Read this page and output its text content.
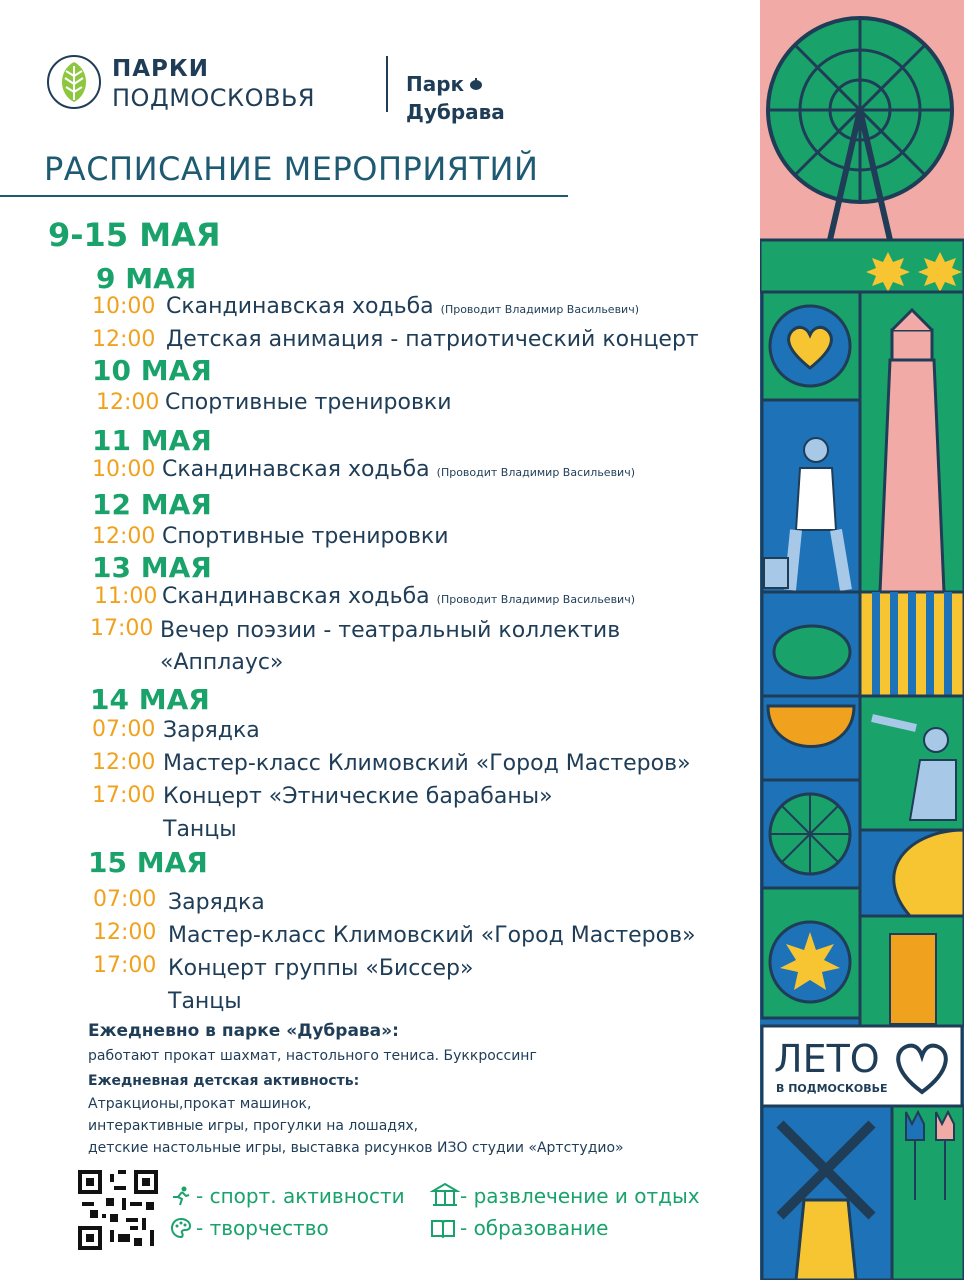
ПАРКИ
ПОДМОСКОВЬЯ	Парк
Дубрава
РАСПИСАНИЕ МЕРОПРИЯТИЙ
9-15 МАЯ
9 МАЯ
10:00 Скандинавская ходьба (Проводит Владимир Васильевич)
12:00 Детская анимация - патриотический концерт
10 МАЯ
12:00 Спортивные тренировки
11 МАЯ
10:00 Скандинавская ходьба (Проводит Владимир Васильевич)
12 МАЯ
12:00 Спортивные тренировки
13 МАЯ
11:00 Скандинавская ходьба (Проводит Владимир Васильевич)
17:00 Вечер поэзии - театральный коллектив
«Апплаус»
14 МАЯ
07:00 Зарядка
12:00 Мастер-класс Климовский «Город Мастеров»
17:00 Концерт «Этнические барабаны»
Танцы
15 МАЯ
07:00 Зарядка
12:00 Мастер-класс Климовский «Город Мастеров»
17:00 Концерт группы «Биссер»
Танцы
Ежедневно в парке «Дубрава»:
работают прокат шахмат, настольного тениса. Буккроссинг
Ежедневная детская активность:
Атракционы,прокат машинок,
интерактивные игры, прогулки на лошадях,
детские настольные игры, выставка рисунков ИЗО студии «Артстудио»
- спорт. активности	- развлечение и отдых
- творчество	- образование
ЛЕТО
В ПОДМОСКОВЬЕ
